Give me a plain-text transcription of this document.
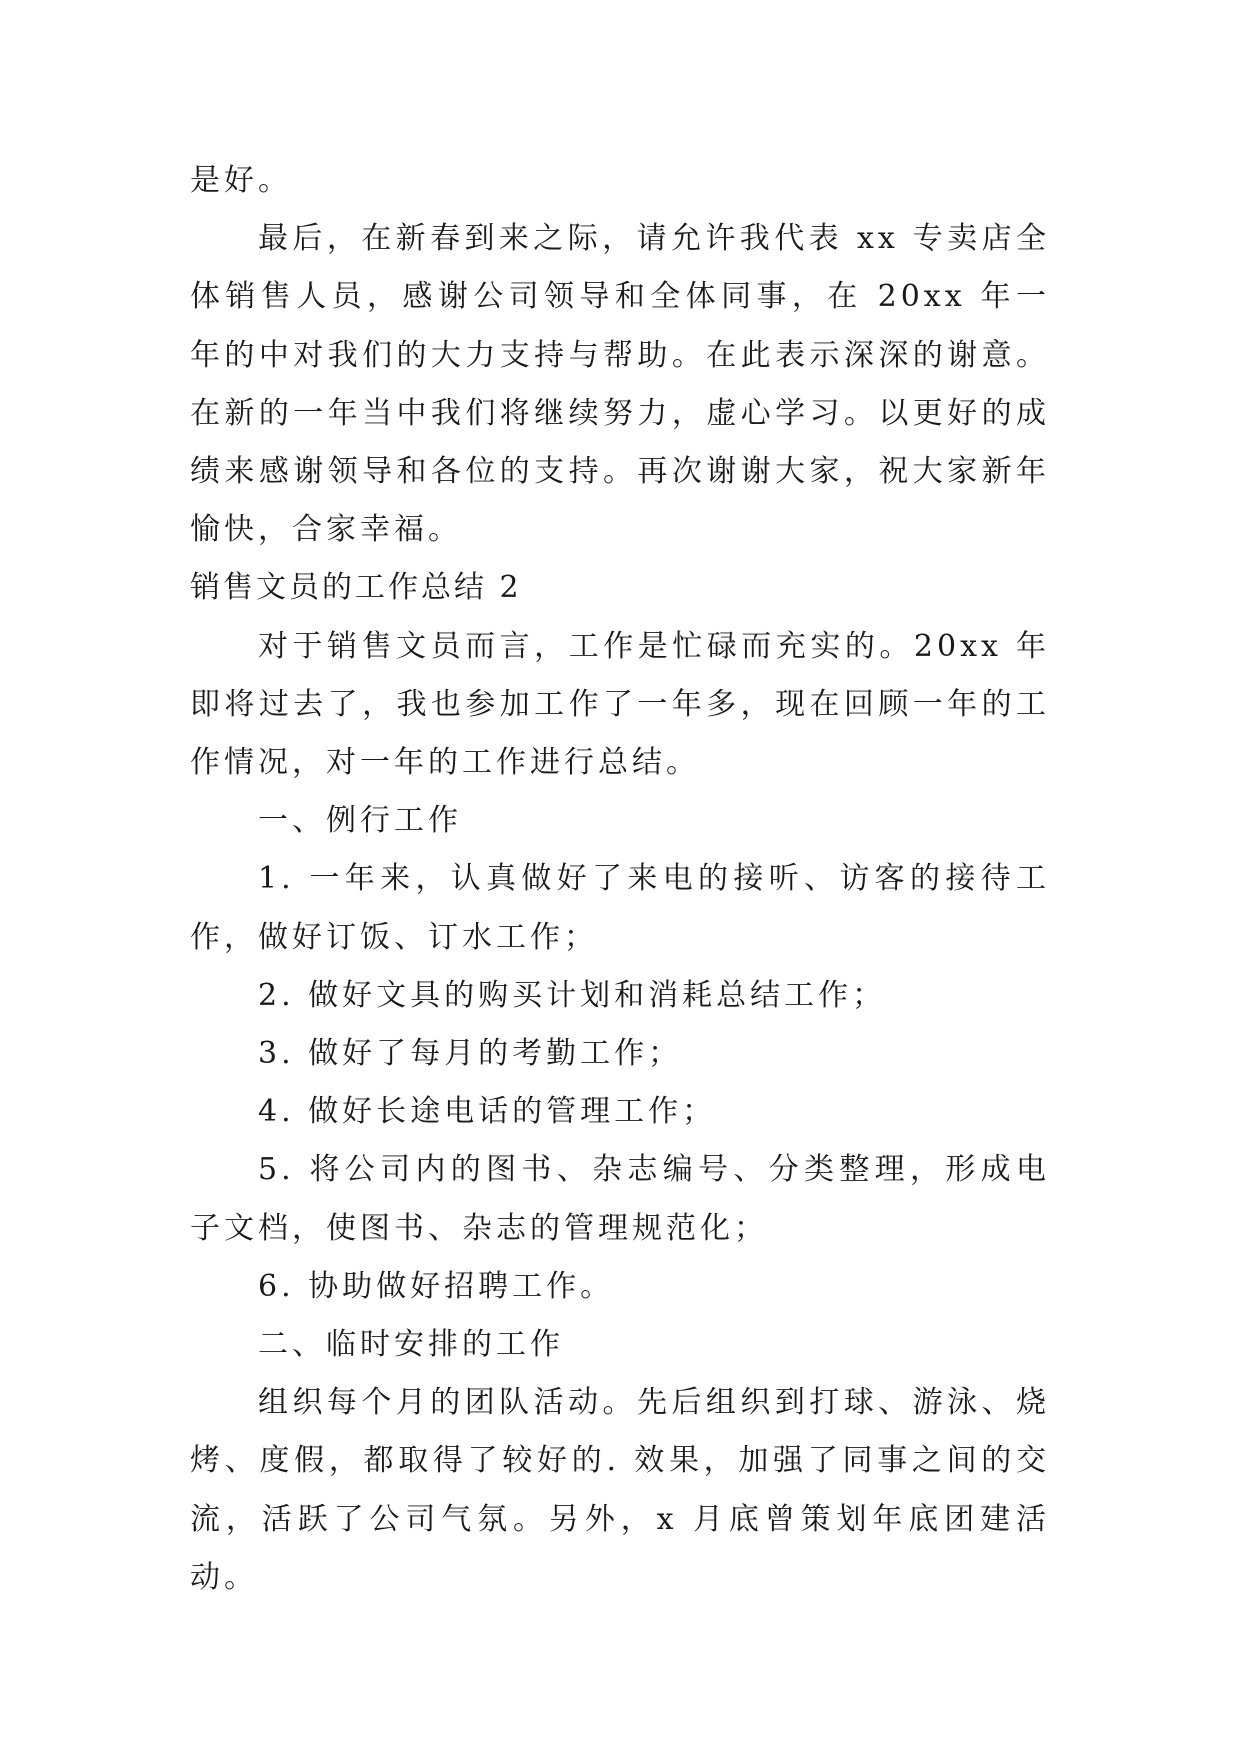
是好。

最后，在新春到来之际，请允许我代表 xx 专卖店全体销售人员，感谢公司领导和全体同事，在 20xx 年一年的中对我们的大力支持与帮助。在此表示深深的谢意。在新的一年当中我们将继续努力，虚心学习。以更好的成绩来感谢领导和各位的支持。再次谢谢大家，祝大家新年愉快，合家幸福。

销售文员的工作总结 2

对于销售文员而言，工作是忙碌而充实的。20xx 年即将过去了，我也参加工作了一年多，现在回顾一年的工作情况，对一年的工作进行总结。

一、例行工作

1. 一年来，认真做好了来电的接听、访客的接待工作，做好订饭、订水工作；

2. 做好文具的购买计划和消耗总结工作；

3. 做好了每月的考勤工作；

4. 做好长途电话的管理工作；

5. 将公司内的图书、杂志编号、分类整理，形成电子文档，使图书、杂志的管理规范化；

6. 协助做好招聘工作。

二、临时安排的工作

组织每个月的团队活动。先后组织到打球、游泳、烧烤、度假，都取得了较好的. 效果，加强了同事之间的交流，活跃了公司气氛。另外，x 月底曾策划年底团建活动。
